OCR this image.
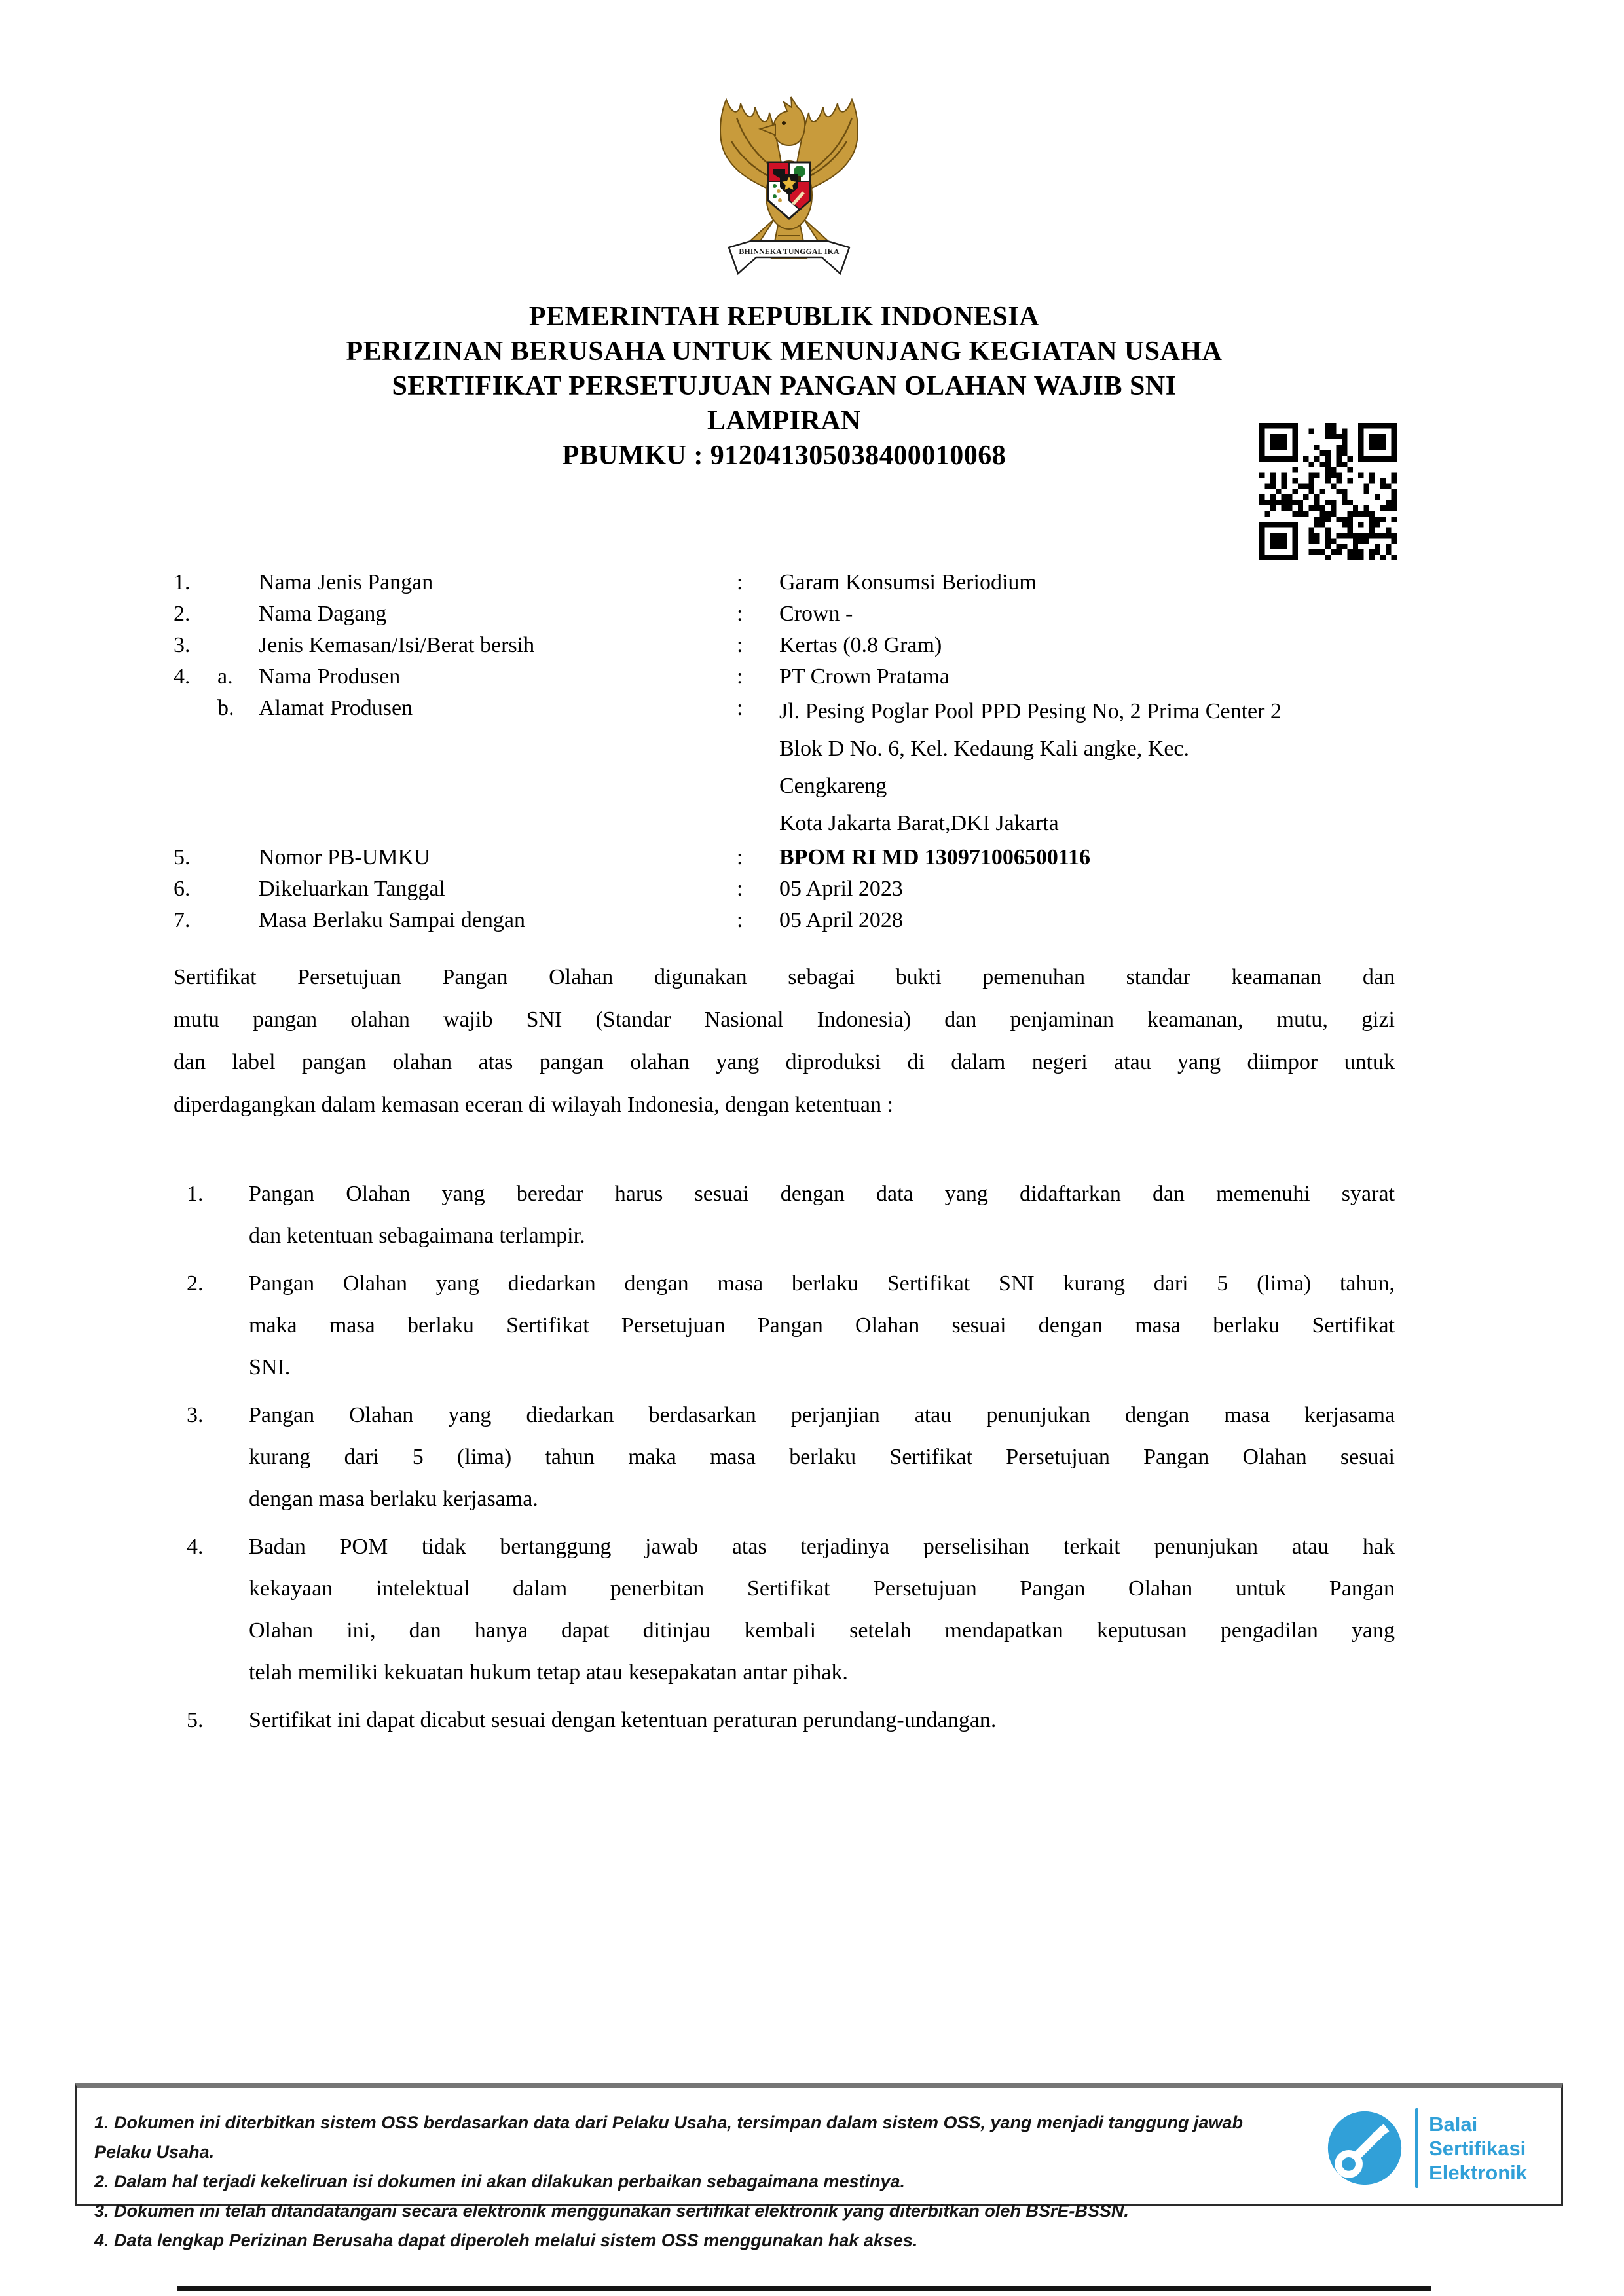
BHINNEKA TUNGGAL IKA
PEMERINTAH REPUBLIK INDONESIA
PERIZINAN BERUSAHA UNTUK MENUNJANG KEGIATAN USAHA
SERTIFIKAT PERSETUJUAN PANGAN OLAHAN WAJIB SNI
LAMPIRAN
PBUMKU : 912041305038400010068
1.	Nama Jenis Pangan	:	Garam Konsumsi Beriodium
2.	Nama Dagang	:	Crown -
3.	Jenis Kemasan/Isi/Berat bersih	:	Kertas (0.8 Gram)
4.	a.	Nama Produsen	:	PT Crown Pratama
b.	Alamat Produsen	:	Jl. Pesing Poglar Pool PPD Pesing No, 2 Prima Center 2
Blok D No. 6, Kel. Kedaung Kali angke, Kec.
Cengkareng
Kota Jakarta Barat,DKI Jakarta
5.	Nomor PB-UMKU	:	BPOM RI MD 130971006500116
6.	Dikeluarkan Tanggal	:	05 April 2023
7.	Masa Berlaku Sampai dengan	:	05 April 2028
Sertifikat Persetujuan Pangan Olahan digunakan sebagai bukti pemenuhan standar keamanan dan
mutu pangan olahan wajib SNI (Standar Nasional Indonesia) dan penjaminan keamanan, mutu, gizi
dan label pangan olahan atas pangan olahan yang diproduksi di dalam negeri atau yang diimpor untuk
diperdagangkan dalam kemasan eceran di wilayah Indonesia, dengan ketentuan :
1.	Pangan Olahan yang beredar harus sesuai dengan data yang didaftarkan dan memenuhi syarat
dan ketentuan sebagaimana terlampir.
2.	Pangan Olahan yang diedarkan dengan masa berlaku Sertifikat SNI kurang dari 5 (lima) tahun,
maka masa berlaku Sertifikat Persetujuan Pangan Olahan sesuai dengan masa berlaku Sertifikat
SNI.
3.	Pangan Olahan yang diedarkan berdasarkan perjanjian atau penunjukan dengan masa kerjasama
kurang dari 5 (lima) tahun maka masa berlaku Sertifikat Persetujuan Pangan Olahan sesuai
dengan masa berlaku kerjasama.
4.	Badan POM tidak bertanggung jawab atas terjadinya perselisihan terkait penunjukan atau hak
kekayaan intelektual dalam penerbitan Sertifikat Persetujuan Pangan Olahan untuk Pangan
Olahan ini, dan hanya dapat ditinjau kembali setelah mendapatkan keputusan pengadilan yang
telah memiliki kekuatan hukum tetap atau kesepakatan antar pihak.
5.	Sertifikat ini dapat dicabut sesuai dengan ketentuan peraturan perundang-undangan.
1. Dokumen ini diterbitkan sistem OSS berdasarkan data dari Pelaku Usaha, tersimpan dalam sistem OSS, yang menjadi tanggung jawab Pelaku Usaha.
2. Dalam hal terjadi kekeliruan isi dokumen ini akan dilakukan perbaikan sebagaimana mestinya.
3. Dokumen ini telah ditandatangani secara elektronik menggunakan sertifikat elektronik yang diterbitkan oleh BSrE-BSSN.
4. Data lengkap Perizinan Berusaha dapat diperoleh melalui sistem OSS menggunakan hak akses.
Balai
Sertifikasi
Elektronik
